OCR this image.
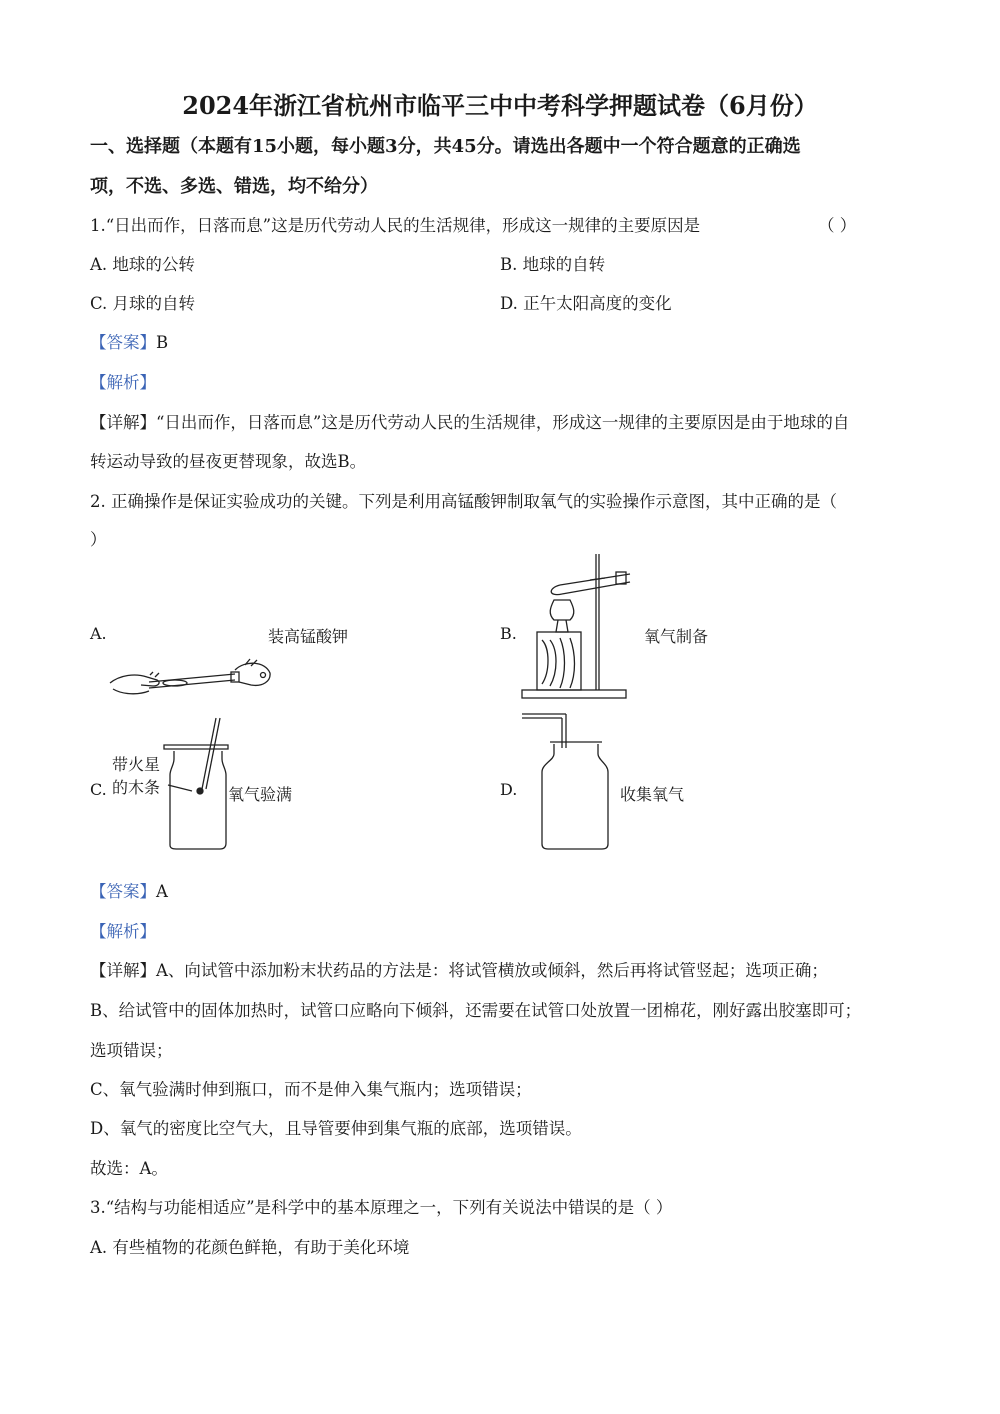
2024年浙江省杭州市临平三中中考科学押题试卷（6月份）
一、选择题（本题有15小题，每小题3分，共45分。请选出各题中一个符合题意的正确选
项，不选、多选、错选，均不给分）
1.“日出而作，日落而息”这是历代劳动人民的生活规律，形成这一规律的主要原因是	（ ）
A. 地球的公转	B. 地球的自转
C. 月球的自转	D. 正午太阳高度的变化
【答案】B
【解析】
【详解】“日出而作，日落而息”这是历代劳动人民的生活规律，形成这一规律的主要原因是由于地球的自
转运动导致的昼夜更替现象，故选B。
2. 正确操作是保证实验成功的关键。下列是利用高锰酸钾制取氧气的实验操作示意图，其中正确的是（
）
A.	装高锰酸钾	B.	氧气制备
C.
带火星
的木条	氧气验满	D.	收集氧气
【答案】A
【解析】
【详解】A、向试管中添加粉末状药品的方法是：将试管横放或倾斜，然后再将试管竖起；选项正确；
B、给试管中的固体加热时，试管口应略向下倾斜，还需要在试管口处放置一团棉花，刚好露出胶塞即可；
选项错误；
C、氧气验满时伸到瓶口，而不是伸入集气瓶内；选项错误；
D、氧气的密度比空气大，且导管要伸到集气瓶的底部，选项错误。
故选：A。
3.“结构与功能相适应”是科学中的基本原理之一，下列有关说法中错误的是（ ）
A. 有些植物的花颜色鲜艳，有助于美化环境
